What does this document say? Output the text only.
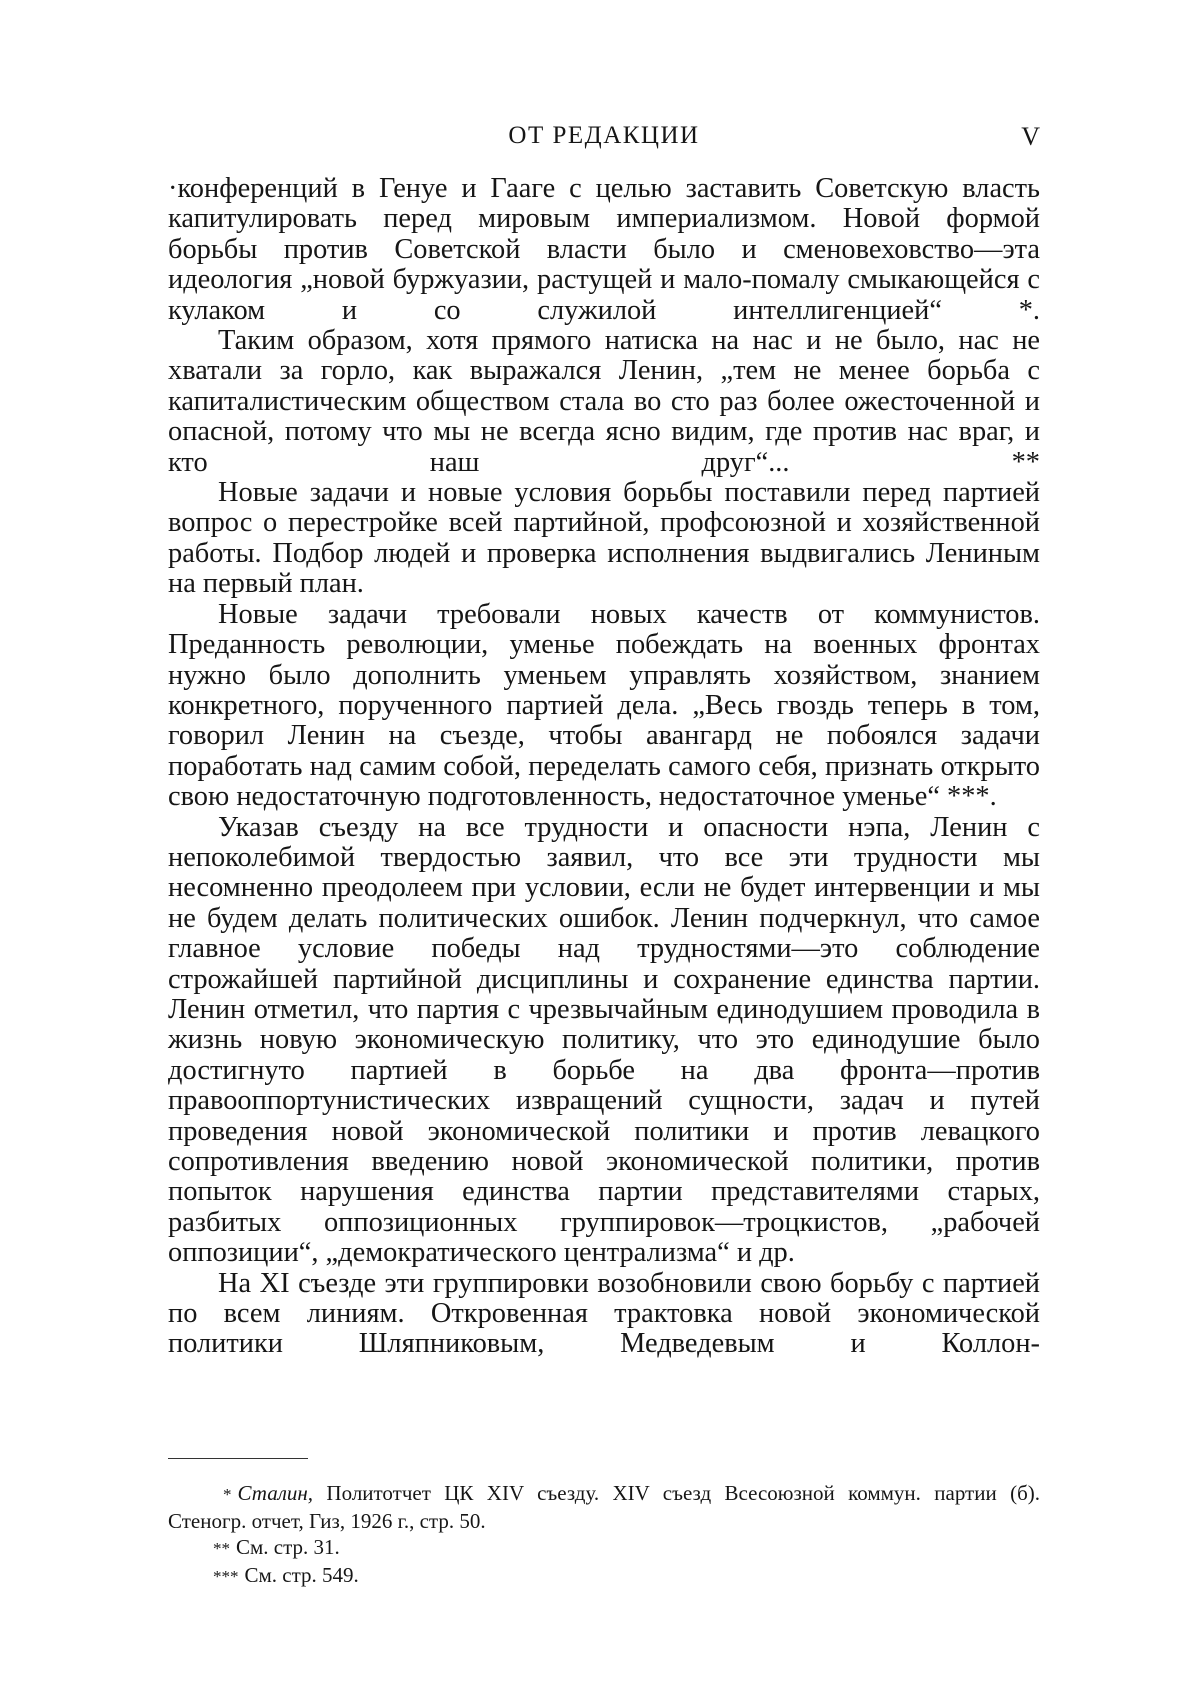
ОТ РЕДАКЦИИ	V

·конференций в Генуе и Гааге с целью заставить Советскую власть капитулировать перед мировым империализмом. Новой формой борьбы против Советской власти было и сменовеховство—эта идеология „новой буржуазии, растущей и мало-помалу смыкающейся с кулаком и со служилой интеллигенцией“ *.

Таким образом, хотя прямого натиска на нас и не было, нас не хватали за горло, как выражался Ленин, „тем не менее борьба с капиталистическим обществом стала во сто раз более ожесточенной и опасной, потому что мы не всегда ясно видим, где против нас враг, и кто наш друг“... **

Новые задачи и новые условия борьбы поставили перед партией вопрос о перестройке всей партийной, профсоюзной и хозяйственной работы. Подбор людей и проверка исполнения выдвигались Лениным на первый план.

Новые задачи требовали новых качеств от коммунистов. Преданность революции, уменье побеждать на военных фронтах нужно было дополнить уменьем управлять хозяйством, знанием конкретного, порученного партией дела. „Весь гвоздь теперь в том, говорил Ленин на съезде, чтобы авангард не побоялся задачи поработать над самим собой, переделать самого себя, признать открыто свою недостаточную подготовленность, недостаточное уменье“ ***.

Указав съезду на все трудности и опасности нэпа, Ленин с непоколебимой твердостью заявил, что все эти трудности мы несомненно преодолеем при условии, если не будет интервенции и мы не будем делать политических ошибок. Ленин подчеркнул, что самое главное условие победы над трудностями—это соблюдение строжайшей партийной дисциплины и сохранение единства партии. Ленин отметил, что партия с чрезвычайным единодушием проводила в жизнь новую экономическую политику, что это единодушие было достигнуто партией в борьбе на два фронта—против правооппортунистических извращений сущности, задач и путей проведения новой экономической политики и против левацкого сопротивления введению новой экономической политики, против попыток нарушения единства партии представителями старых, разбитых оппозиционных группировок—троцкистов, „рабочей оппозиции“, „демократического централизма“ и др.

На XI съезде эти группировки возобновили свою борьбу с партией по всем линиям. Откровенная трактовка новой экономической политики Шляпниковым, Медведевым и Коллон-

* Сталин, Политотчет ЦК XIV съезду. XIV съезд Всесоюзной коммун. партии (б). Стеногр. отчет, Гиз, 1926 г., стр. 50.

** См. стр. 31.

*** См. стр. 549.
